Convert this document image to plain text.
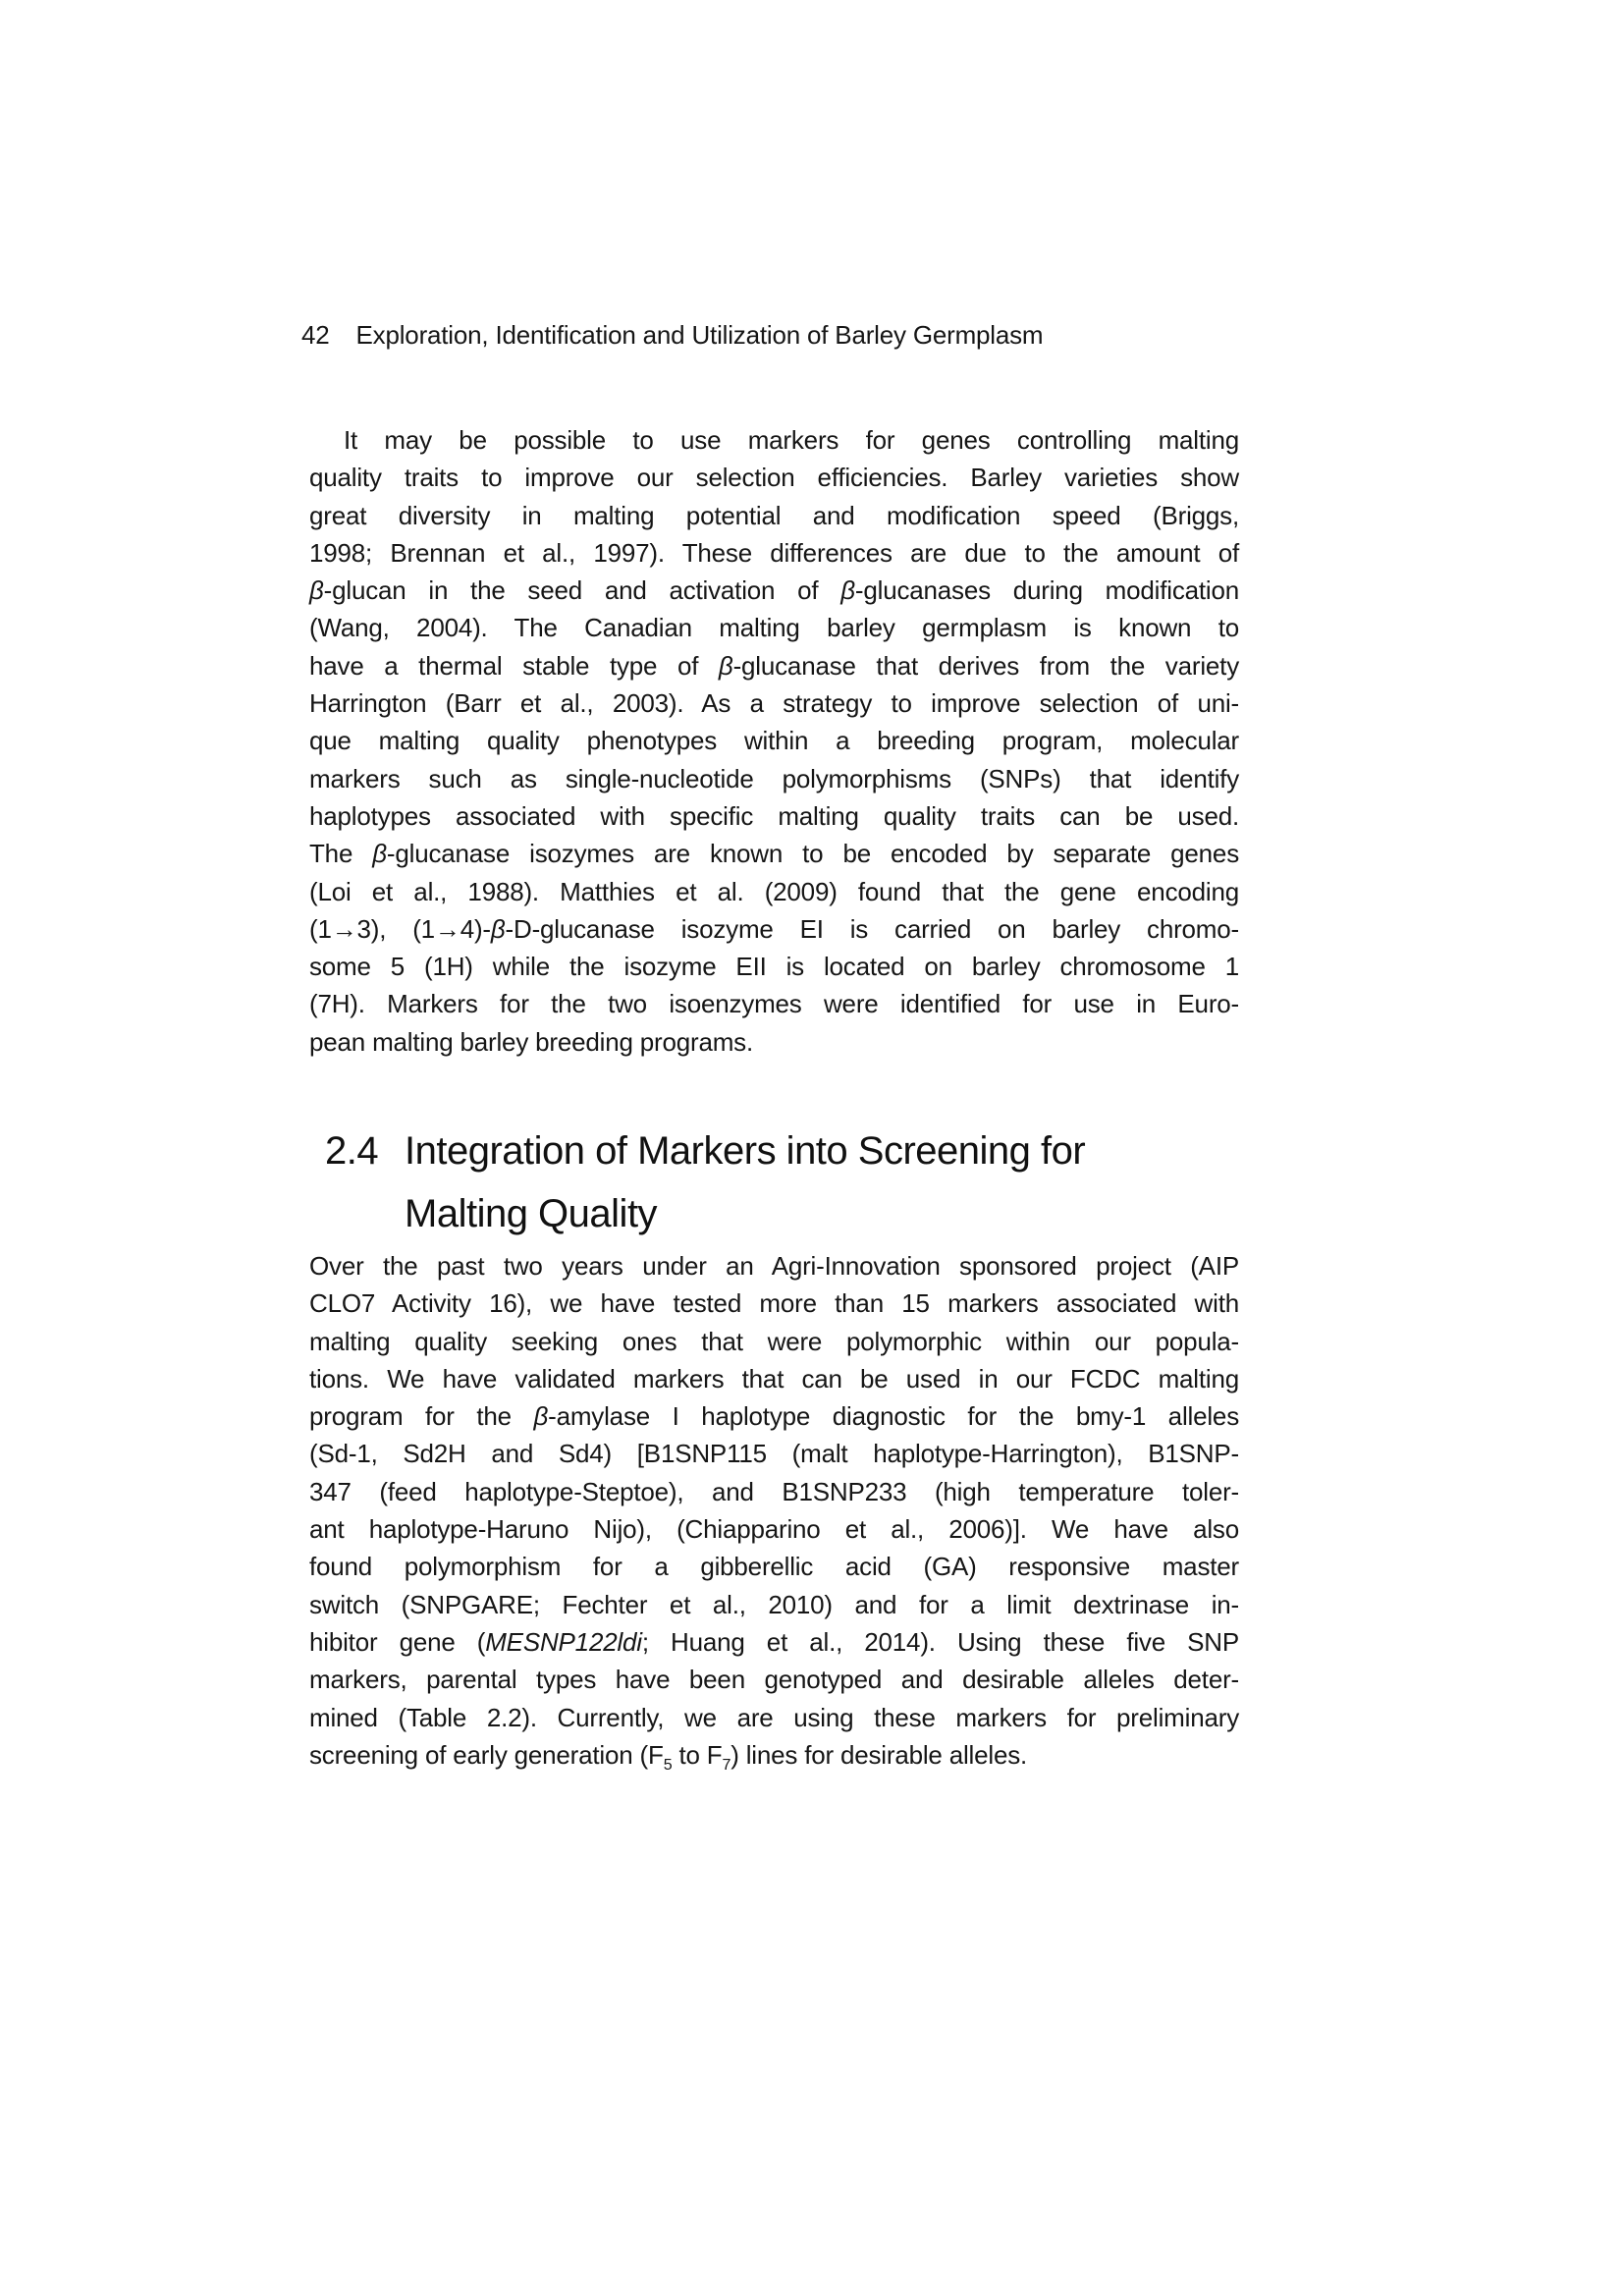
42 Exploration, Identification and Utilization of Barley Germplasm
It may be possible to use markers for genes controlling malting
quality traits to improve our selection efficiencies. Barley varieties show
great diversity in malting potential and modification speed (Briggs,
1998; Brennan et al., 1997). These differences are due to the amount of
β-glucan in the seed and activation of β-glucanases during modification
(Wang, 2004). The Canadian malting barley germplasm is known to
have a thermal stable type of β-glucanase that derives from the variety
Harrington (Barr et al., 2003). As a strategy to improve selection of uni-
que malting quality phenotypes within a breeding program, molecular
markers such as single-nucleotide polymorphisms (SNPs) that identify
haplotypes associated with specific malting quality traits can be used.
The β-glucanase isozymes are known to be encoded by separate genes
(Loi et al., 1988). Matthies et al. (2009) found that the gene encoding
(1→3), (1→4)-β-D-glucanase isozyme EI is carried on barley chromo-
some 5 (1H) while the isozyme EII is located on barley chromosome 1
(7H). Markers for the two isoenzymes were identified for use in Euro-
pean malting barley breeding programs.
2.4 Integration of Markers into Screening for
Malting Quality
Over the past two years under an Agri-Innovation sponsored project (AIP
CLO7 Activity 16), we have tested more than 15 markers associated with
malting quality seeking ones that were polymorphic within our popula-
tions. We have validated markers that can be used in our FCDC malting
program for the β-amylase I haplotype diagnostic for the bmy-1 alleles
(Sd-1, Sd2H and Sd4) [B1SNP115 (malt haplotype-Harrington), B1SNP-
347 (feed haplotype-Steptoe), and B1SNP233 (high temperature toler-
ant haplotype-Haruno Nijo), (Chiapparino et al., 2006)]. We have also
found polymorphism for a gibberellic acid (GA) responsive master
switch (SNPGARE; Fechter et al., 2010) and for a limit dextrinase in-
hibitor gene (MESNP122ldi; Huang et al., 2014). Using these five SNP
markers, parental types have been genotyped and desirable alleles deter-
mined (Table 2.2). Currently, we are using these markers for preliminary
screening of early generation ($F_5$ to $F_7$) lines for desirable alleles.
